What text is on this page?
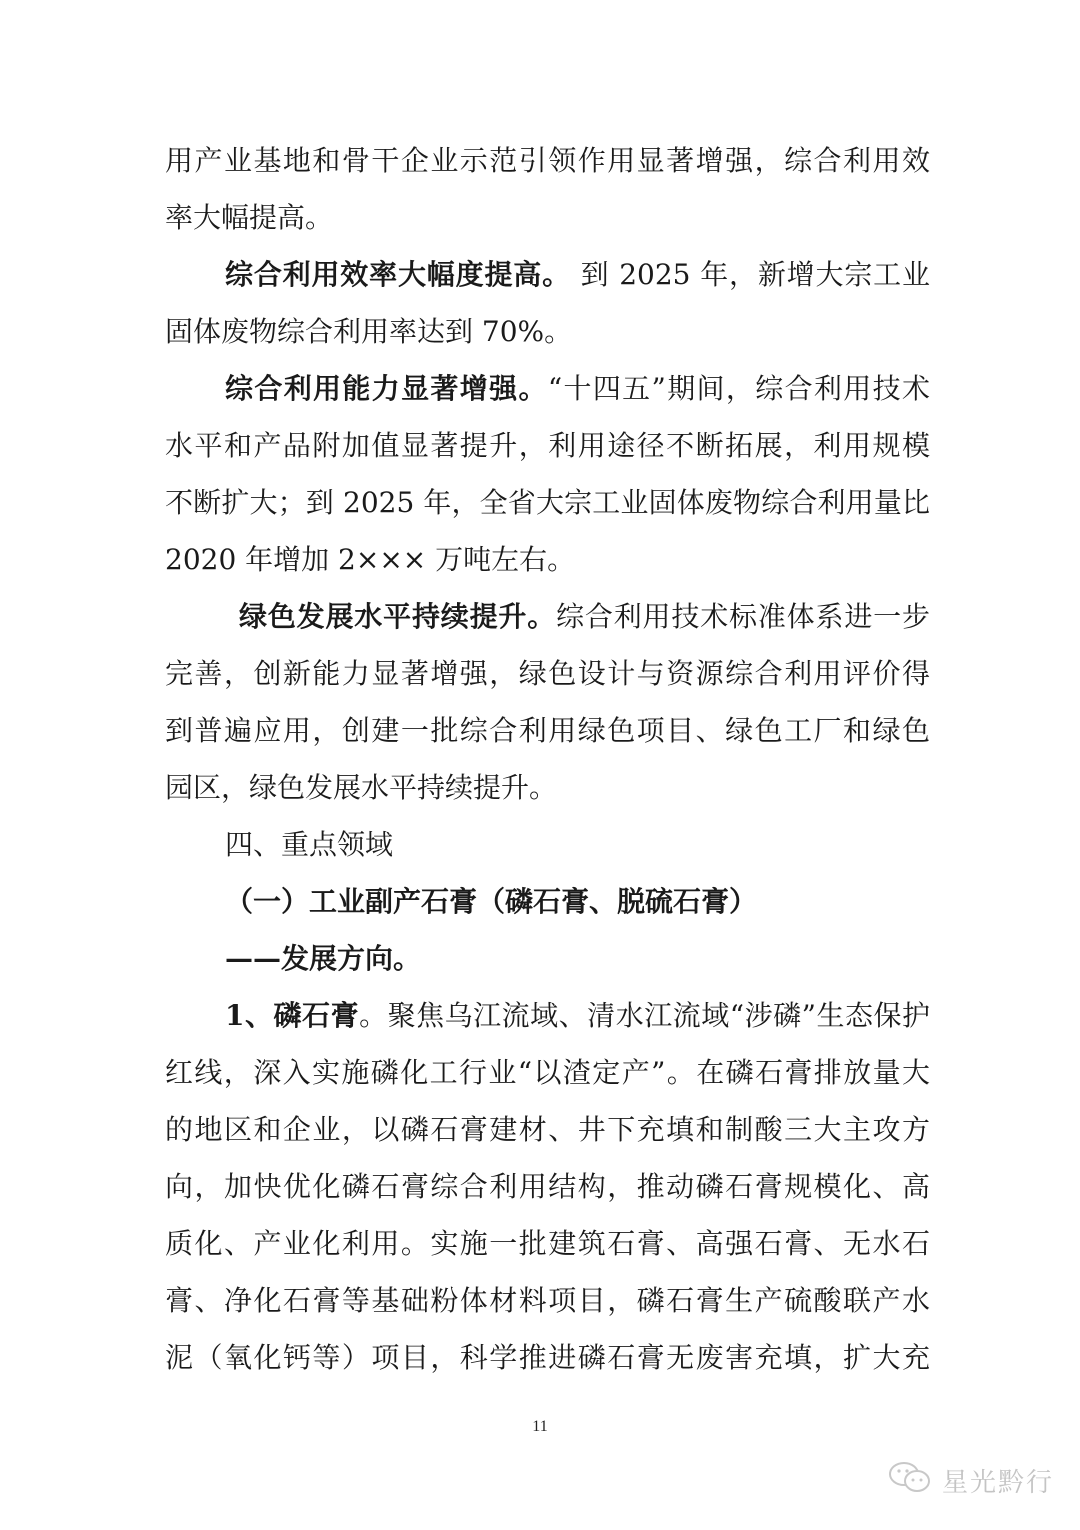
用产业基地和骨干企业示范引领作用显著增强，综合利用效
率大幅提高。
综合利用效率大幅度提高。 到 2025 年，新增大宗工业
固体废物综合利用率达到 70%。
综合利用能力显著增强。“十四五”期间，综合利用技术
水平和产品附加值显著提升，利用途径不断拓展，利用规模
不断扩大；到 2025 年，全省大宗工业固体废物综合利用量比
2020 年增加 2××× 万吨左右。
绿色发展水平持续提升。综合利用技术标准体系进一步
完善，创新能力显著增强，绿色设计与资源综合利用评价得
到普遍应用，创建一批综合利用绿色项目、绿色工厂和绿色
园区，绿色发展水平持续提升。
四、重点领域
（一）工业副产石膏（磷石膏、脱硫石膏）
——发展方向。
1、磷石膏。聚焦乌江流域、清水江流域“涉磷”生态保护
红线，深入实施磷化工行业“以渣定产”。在磷石膏排放量大
的地区和企业，以磷石膏建材、井下充填和制酸三大主攻方
向，加快优化磷石膏综合利用结构，推动磷石膏规模化、高
质化、产业化利用。实施一批建筑石膏、高强石膏、无水石
膏、净化石膏等基础粉体材料项目，磷石膏生产硫酸联产水
泥（氧化钙等）项目，科学推进磷石膏无废害充填，扩大充
11
星光黔行
